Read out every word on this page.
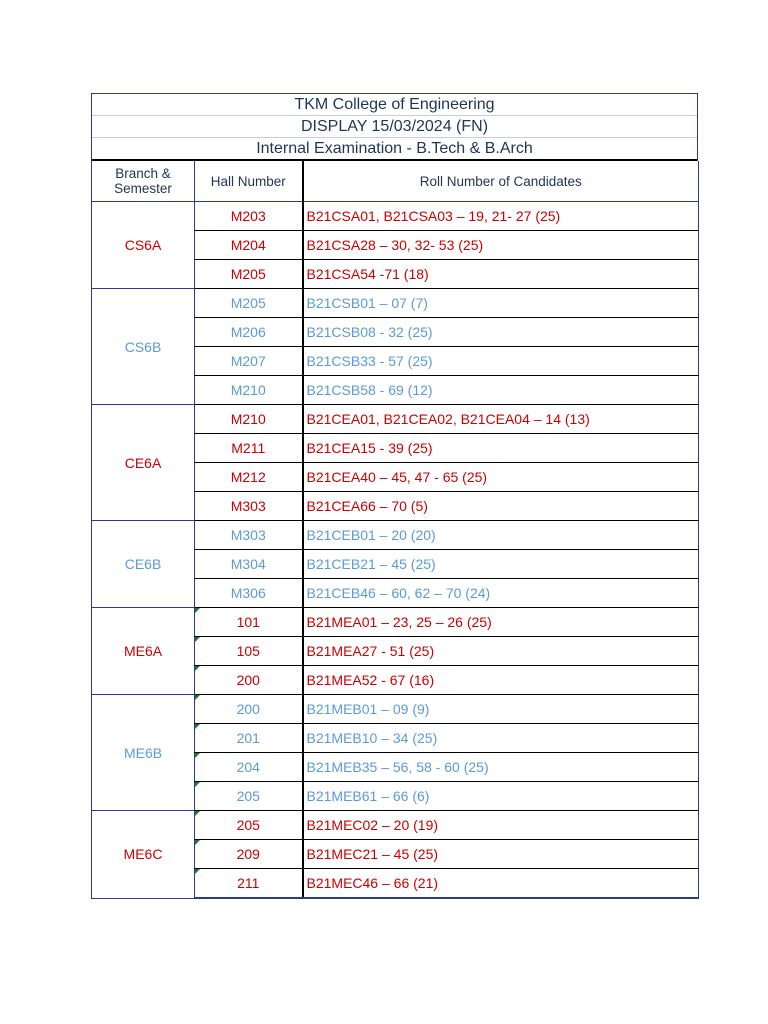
TKM College of Engineering
DISPLAY 15/03/2024 (FN)
Internal Examination - B.Tech & B.Arch
Branch & Semester	Hall Number	Roll Number of Candidates
CS6A	M203	B21CSA01, B21CSA03 – 19, 21- 27 (25)
	M204	B21CSA28 – 30, 32- 53 (25)
	M205	B21CSA54 -71 (18)
CS6B	M205	B21CSB01 – 07 (7)
	M206	B21CSB08 - 32 (25)
	M207	B21CSB33 - 57 (25)
	M210	B21CSB58 - 69 (12)
CE6A	M210	B21CEA01, B21CEA02, B21CEA04 – 14 (13)
	M211	B21CEA15 - 39 (25)
	M212	B21CEA40 – 45, 47 - 65 (25)
	M303	B21CEA66 – 70 (5)
CE6B	M303	B21CEB01 – 20 (20)
	M304	B21CEB21 – 45 (25)
	M306	B21CEB46 – 60, 62 – 70 (24)
ME6A	101	B21MEA01 – 23, 25 – 26 (25)
	105	B21MEA27 - 51 (25)
	200	B21MEA52 - 67 (16)
ME6B	200	B21MEB01 – 09 (9)
	201	B21MEB10 – 34 (25)
	204	B21MEB35 – 56, 58 - 60 (25)
	205	B21MEB61 – 66 (6)
ME6C	205	B21MEC02 – 20 (19)
	209	B21MEC21 – 45 (25)
	211	B21MEC46 – 66 (21)
